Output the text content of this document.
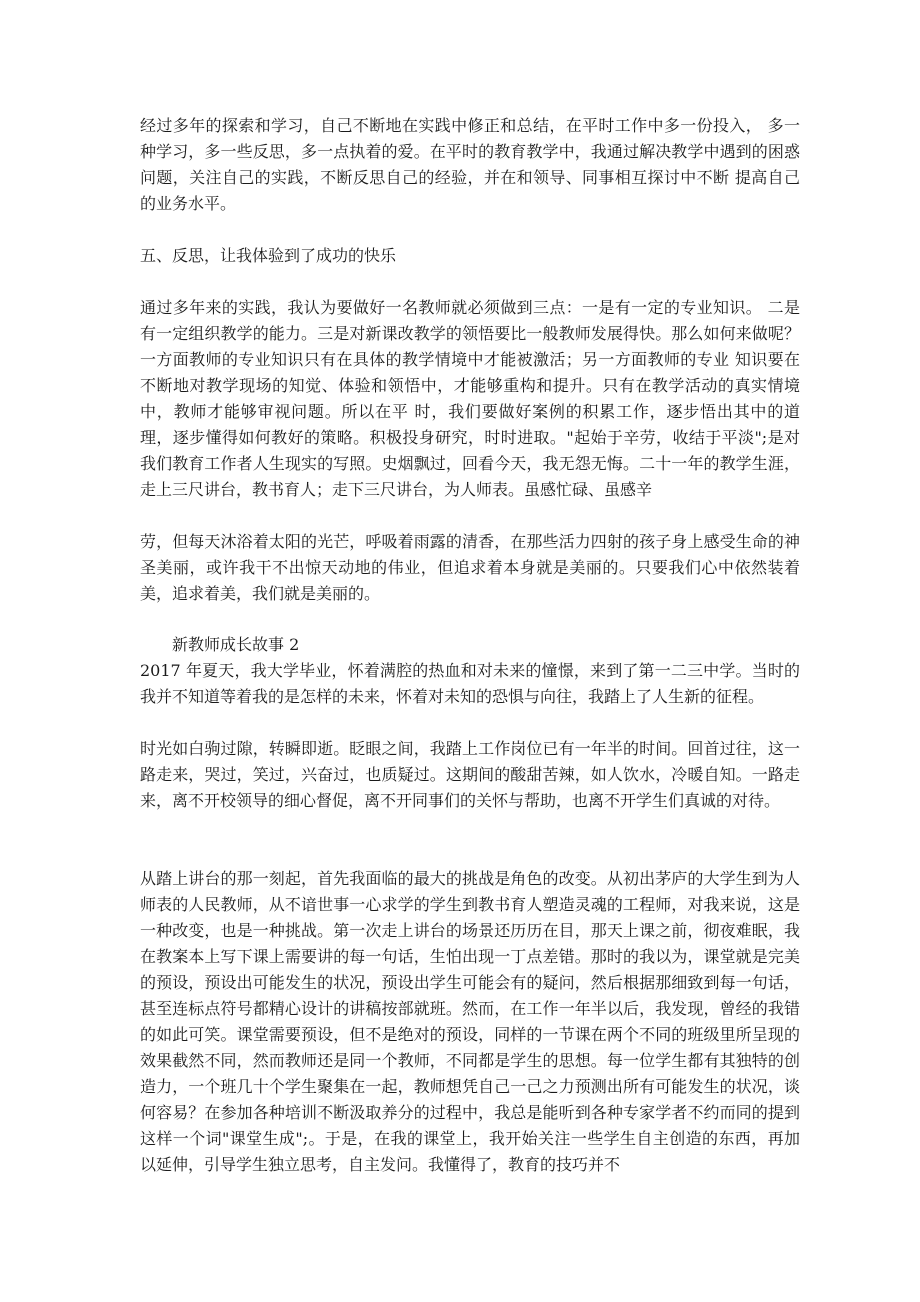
经过多年的探索和学习，自己不断地在实践中修正和总结，在平时工作中多一份投入， 多一种学习，多一些反思，多一点执着的爱。在平时的教育教学中，我通过解决教学中遇到的困惑问题，关注自己的实践，不断反思自己的经验，并在和领导、同事相互探讨中不断 提高自己的业务水平。

五、反思，让我体验到了成功的快乐

通过多年来的实践，我认为要做好一名教师就必须做到三点：一是有一定的专业知识。 二是有一定组织教学的能力。三是对新课改教学的领悟要比一般教师发展得快。那么如何来做呢？一方面教师的专业知识只有在具体的教学情境中才能被激活；另一方面教师的专业 知识要在不断地对教学现场的知觉、体验和领悟中，才能够重构和提升。只有在教学活动的真实情境中，教师才能够审视问题。所以在平 时，我们要做好案例的积累工作，逐步悟出其中的道理，逐步懂得如何教好的策略。积极投身研究，时时进取。"起始于辛劳，收结于平淡";是对我们教育工作者人生现实的写照。史烟飘过，回看今天，我无怨无悔。二十一年的教学生涯，走上三尺讲台，教书育人；走下三尺讲台，为人师表。虽感忙碌、虽感辛

劳，但每天沐浴着太阳的光芒，呼吸着雨露的清香，在那些活力四射的孩子身上感受生命的神圣美丽，或许我干不出惊天动地的伟业，但追求着本身就是美丽的。只要我们心中依然装着美，追求着美，我们就是美丽的。

新教师成长故事 2

2017 年夏天，我大学毕业，怀着满腔的热血和对未来的憧憬，来到了第一二三中学。当时的我并不知道等着我的是怎样的未来，怀着对未知的恐惧与向往，我踏上了人生新的征程。

时光如白驹过隙，转瞬即逝。眨眼之间，我踏上工作岗位已有一年半的时间。回首过往，这一路走来，哭过，笑过，兴奋过，也质疑过。这期间的酸甜苦辣，如人饮水，冷暖自知。一路走来，离不开校领导的细心督促，离不开同事们的关怀与帮助，也离不开学生们真诚的对待。

从踏上讲台的那一刻起，首先我面临的最大的挑战是角色的改变。从初出茅庐的大学生到为人师表的人民教师，从不谙世事一心求学的学生到教书育人塑造灵魂的工程师，对我来说，这是一种改变，也是一种挑战。第一次走上讲台的场景还历历在目，那天上课之前，彻夜难眠，我在教案本上写下课上需要讲的每一句话，生怕出现一丁点差错。那时的我以为，课堂就是完美的预设，预设出可能发生的状况，预设出学生可能会有的疑问，然后根据那细致到每一句话，甚至连标点符号都精心设计的讲稿按部就班。然而，在工作一年半以后，我发现，曾经的我错的如此可笑。课堂需要预设，但不是绝对的预设，同样的一节课在两个不同的班级里所呈现的效果截然不同，然而教师还是同一个教师，不同都是学生的思想。每一位学生都有其独特的创造力，一个班几十个学生聚集在一起，教师想凭自己一己之力预测出所有可能发生的状况，谈何容易？在参加各种培训不断汲取养分的过程中，我总是能听到各种专家学者不约而同的提到这样一个词"课堂生成";。于是，在我的课堂上，我开始关注一些学生自主创造的东西，再加以延伸，引导学生独立思考，自主发问。我懂得了，教育的技巧并不
